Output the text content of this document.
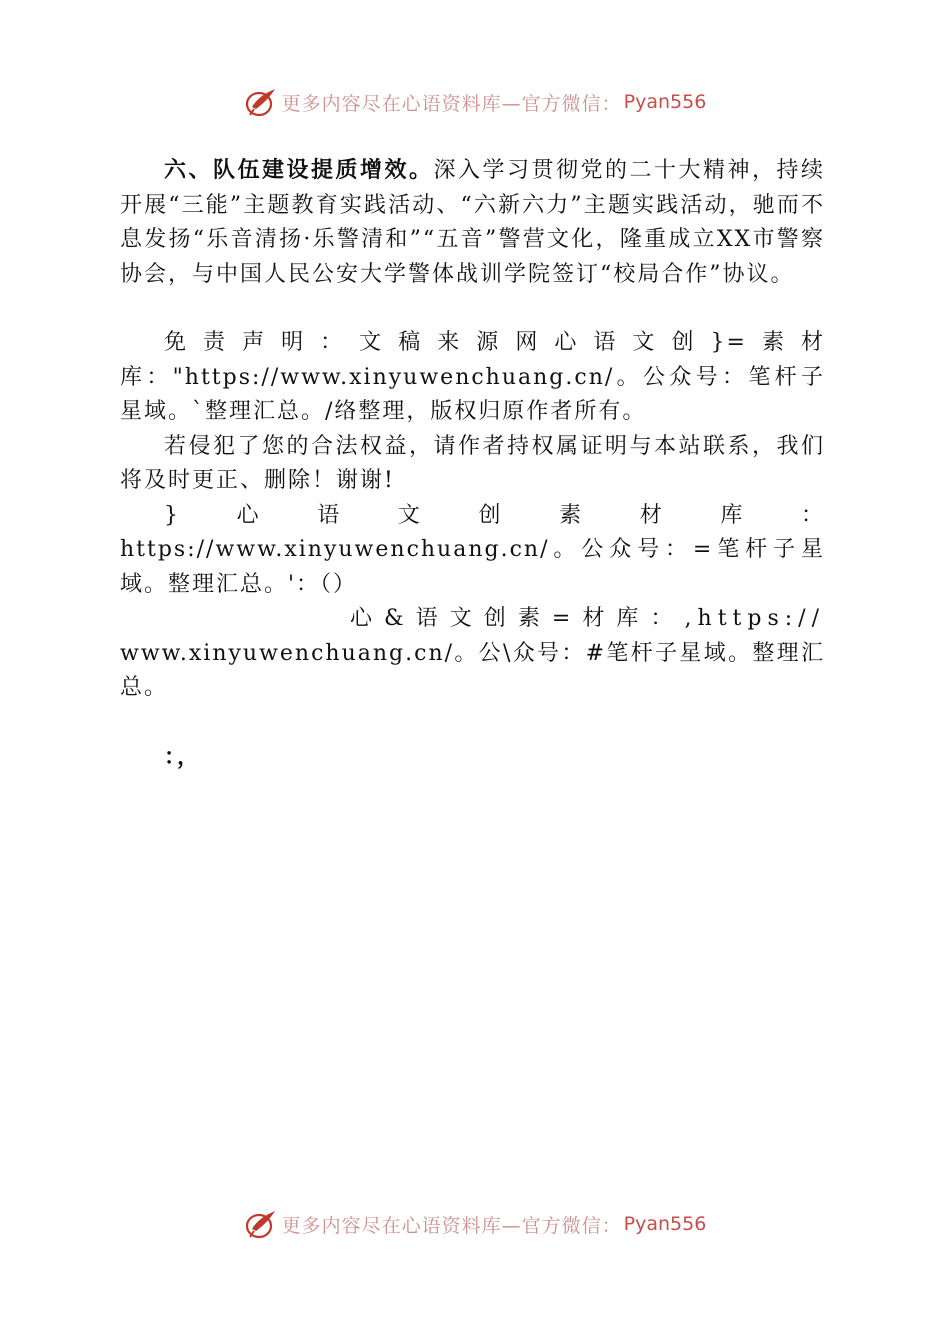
更多内容尽在心语资料库—官方微信： Pyan556

六、队伍建设提质增效。深入学习贯彻党的二十大精神，持续开展“三能”主题教育实践活动、“六新六力”主题实践活动，驰而不息发扬“乐音清扬·乐警清和”“五音”警营文化，隆重成立XX市警察协会，与中国人民公安大学警体战训学院签订“校局合作”协议。

免责声明：文稿来源网心语文创}=素材库："https://www.xinyuwenchuang.cn/。公众号：笔杆子星域。`整理汇总。/络整理，版权归原作者所有。

若侵犯了您的合法权益，请作者持权属证明与本站联系，我们将及时更正、删除！谢谢!

}心语文创素材库：https://www.xinyuwenchuang.cn/。公众号：=笔杆子星域。整理汇总。'：（）

心&语文创素=材库：,https://

www.xinyuwenchuang.cn/。公\众号：#笔杆子星域。整理汇总。

：，

更多内容尽在心语资料库—官方微信： Pyan556
